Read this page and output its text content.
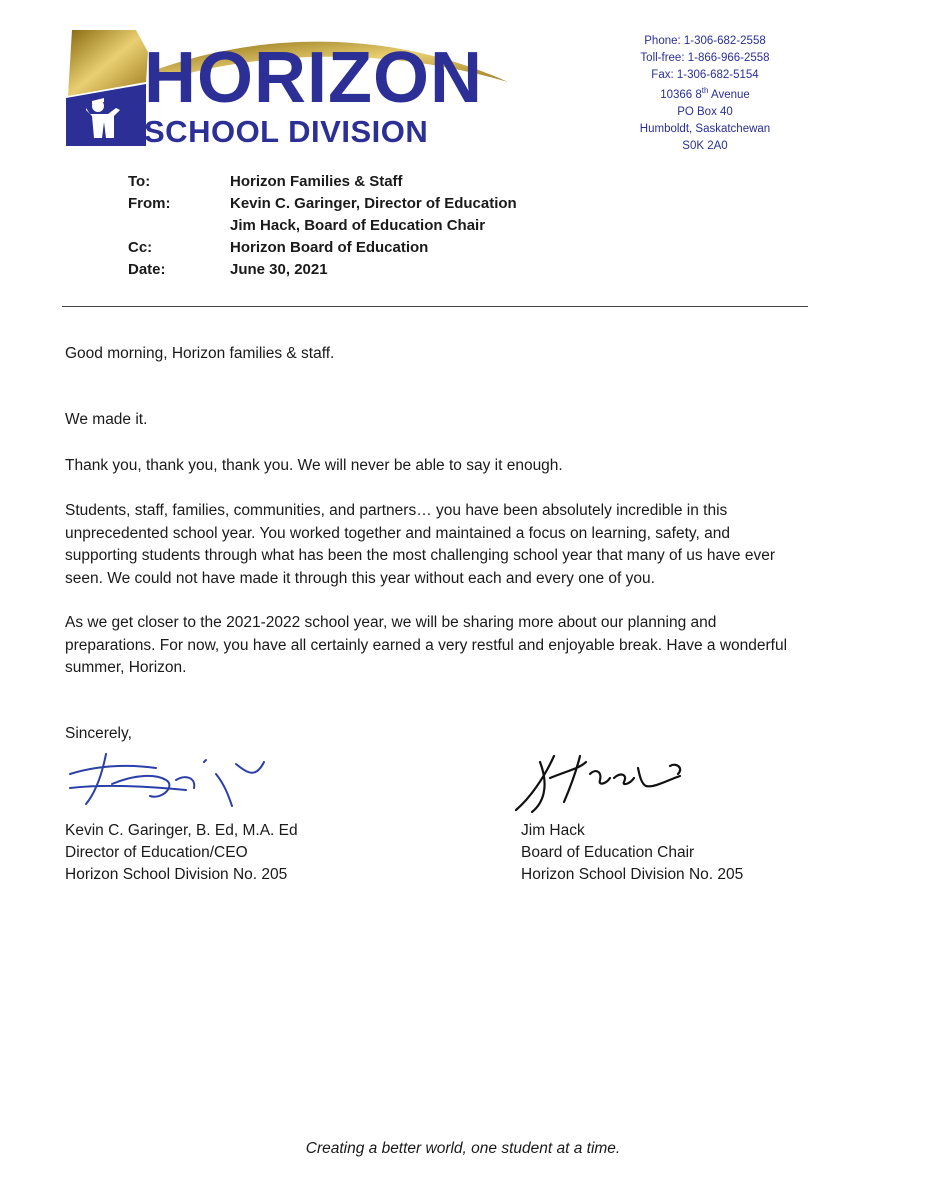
HORIZON
SCHOOL DIVISION
Phone: 1-306-682-2558
Toll-free: 1-866-966-2558
Fax: 1-306-682-5154
10366 8th Avenue
PO Box 40
Humboldt, Saskatchewan
S0K 2A0
To:	Horizon Families & Staff
From:	Kevin C. Garinger, Director of Education
Jim Hack, Board of Education Chair
Cc:	Horizon Board of Education
Date:	June 30, 2021
Good morning, Horizon families & staff.
We made it.
Thank you, thank you, thank you. We will never be able to say it enough.
Students, staff, families, communities, and partners… you have been absolutely incredible in this
unprecedented school year. You worked together and maintained a focus on learning, safety, and
supporting students through what has been the most challenging school year that many of us have ever
seen. We could not have made it through this year without each and every one of you.
As we get closer to the 2021-2022 school year, we will be sharing more about our planning and
preparations. For now, you have all certainly earned a very restful and enjoyable break. Have a wonderful
summer, Horizon.
Sincerely,
Kevin C. Garinger, B. Ed, M.A. Ed
Director of Education/CEO
Horizon School Division No. 205
Jim Hack
Board of Education Chair
Horizon School Division No. 205
Creating a better world, one student at a time.
